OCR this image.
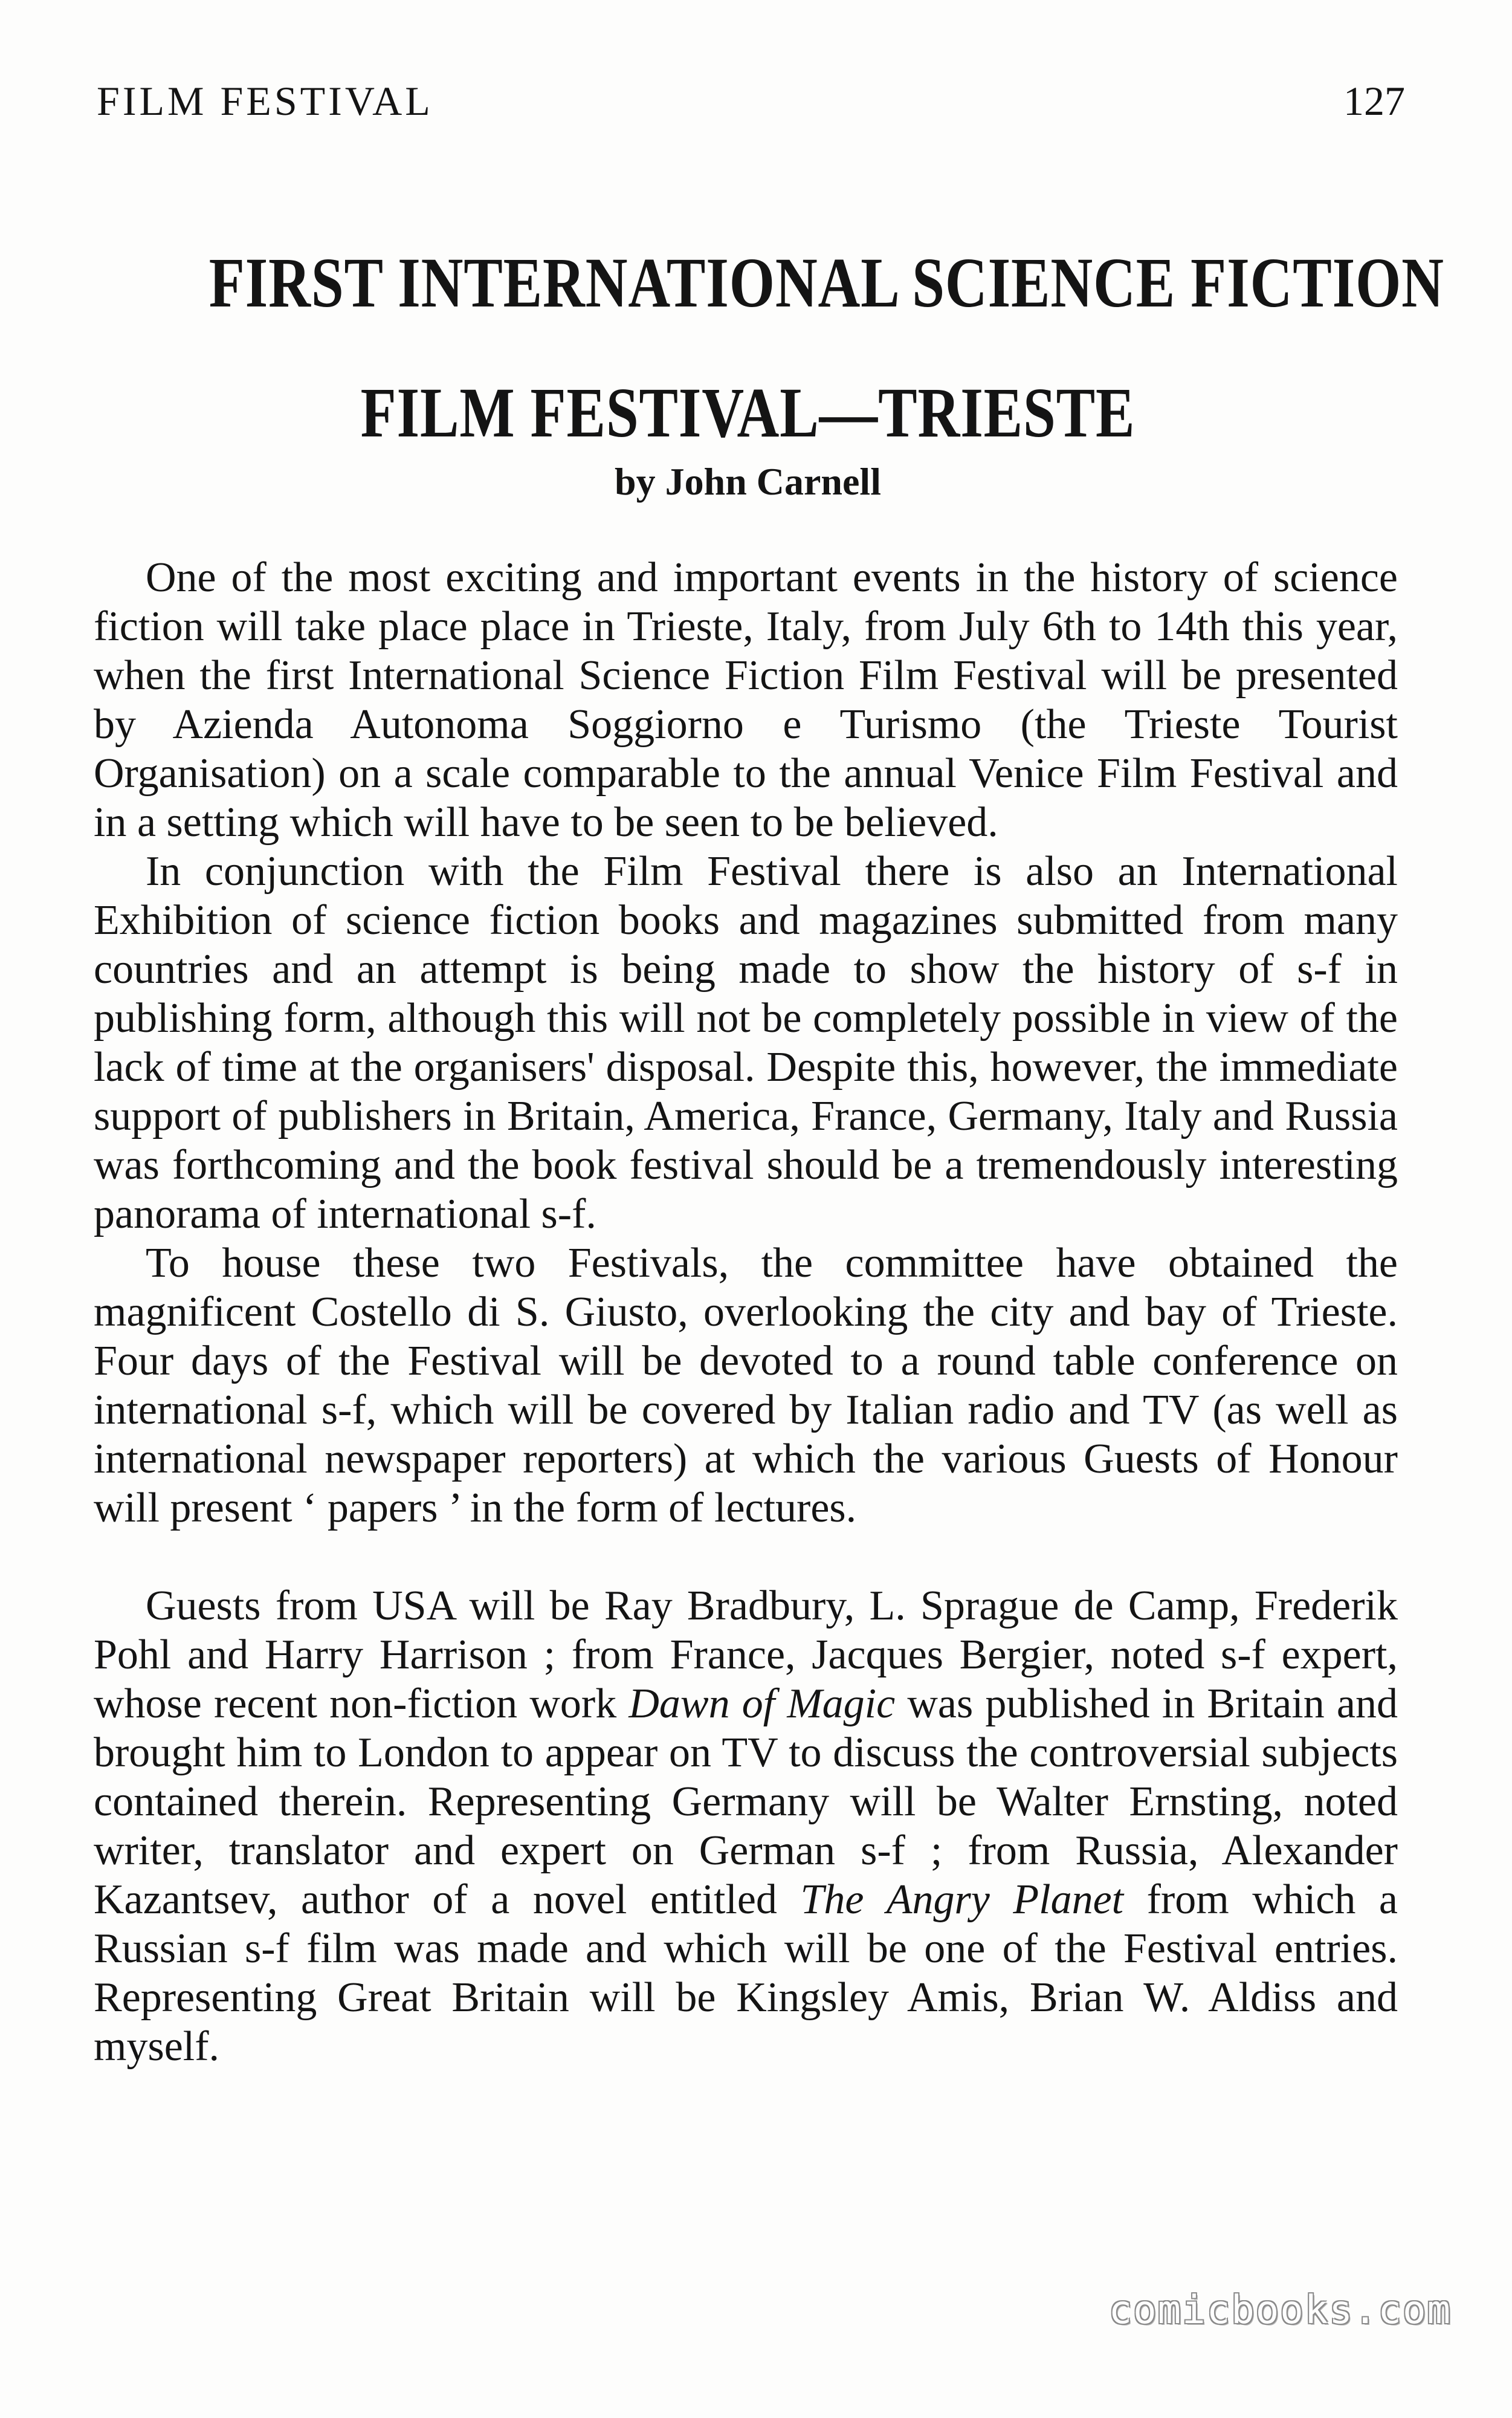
FILM FESTIVAL	127
FIRST INTERNATIONAL SCIENCE FICTION
FILM FESTIVAL—TRIESTE
by John Carnell

One of the most exciting and important events in the history of science fiction will take place place in Trieste, Italy, from July 6th to 14th this year, when the first International Science Fiction Film Festival will be presented by Azienda Autonoma Soggiorno e Turismo (the Trieste Tourist Organisation) on a scale comparable to the annual Venice Film Festival and in a setting which will have to be seen to be believed.

In conjunction with the Film Festival there is also an International Exhibition of science fiction books and magazines submitted from many countries and an attempt is being made to show the history of s-f in publishing form, although this will not be completely possible in view of the lack of time at the organisers' disposal. Despite this, however, the immediate support of publishers in Britain, America, France, Germany, Italy and Russia was forthcoming and the book festival should be a tremendously interesting panorama of international s-f.

To house these two Festivals, the committee have obtained the magnificent Costello di S. Giusto, overlooking the city and bay of Trieste. Four days of the Festival will be devoted to a round table conference on international s-f, which will be covered by Italian radio and TV (as well as international newspaper reporters) at which the various Guests of Honour will present ‘ papers ’ in the form of lectures.

Guests from USA will be Ray Bradbury, L. Sprague de Camp, Frederik Pohl and Harry Harrison ; from France, Jacques Bergier, noted s-f expert, whose recent non-fiction work Dawn of Magic was published in Britain and brought him to London to appear on TV to discuss the controversial subjects contained therein. Representing Germany will be Walter Ernsting, noted writer, translator and expert on German s-f ; from Russia, Alexander Kazantsev, author of a novel entitled The Angry Planet from which a Russian s-f film was made and which will be one of the Festival entries. Representing Great Britain will be Kingsley Amis, Brian W. Aldiss and myself.

comicbooks.com
